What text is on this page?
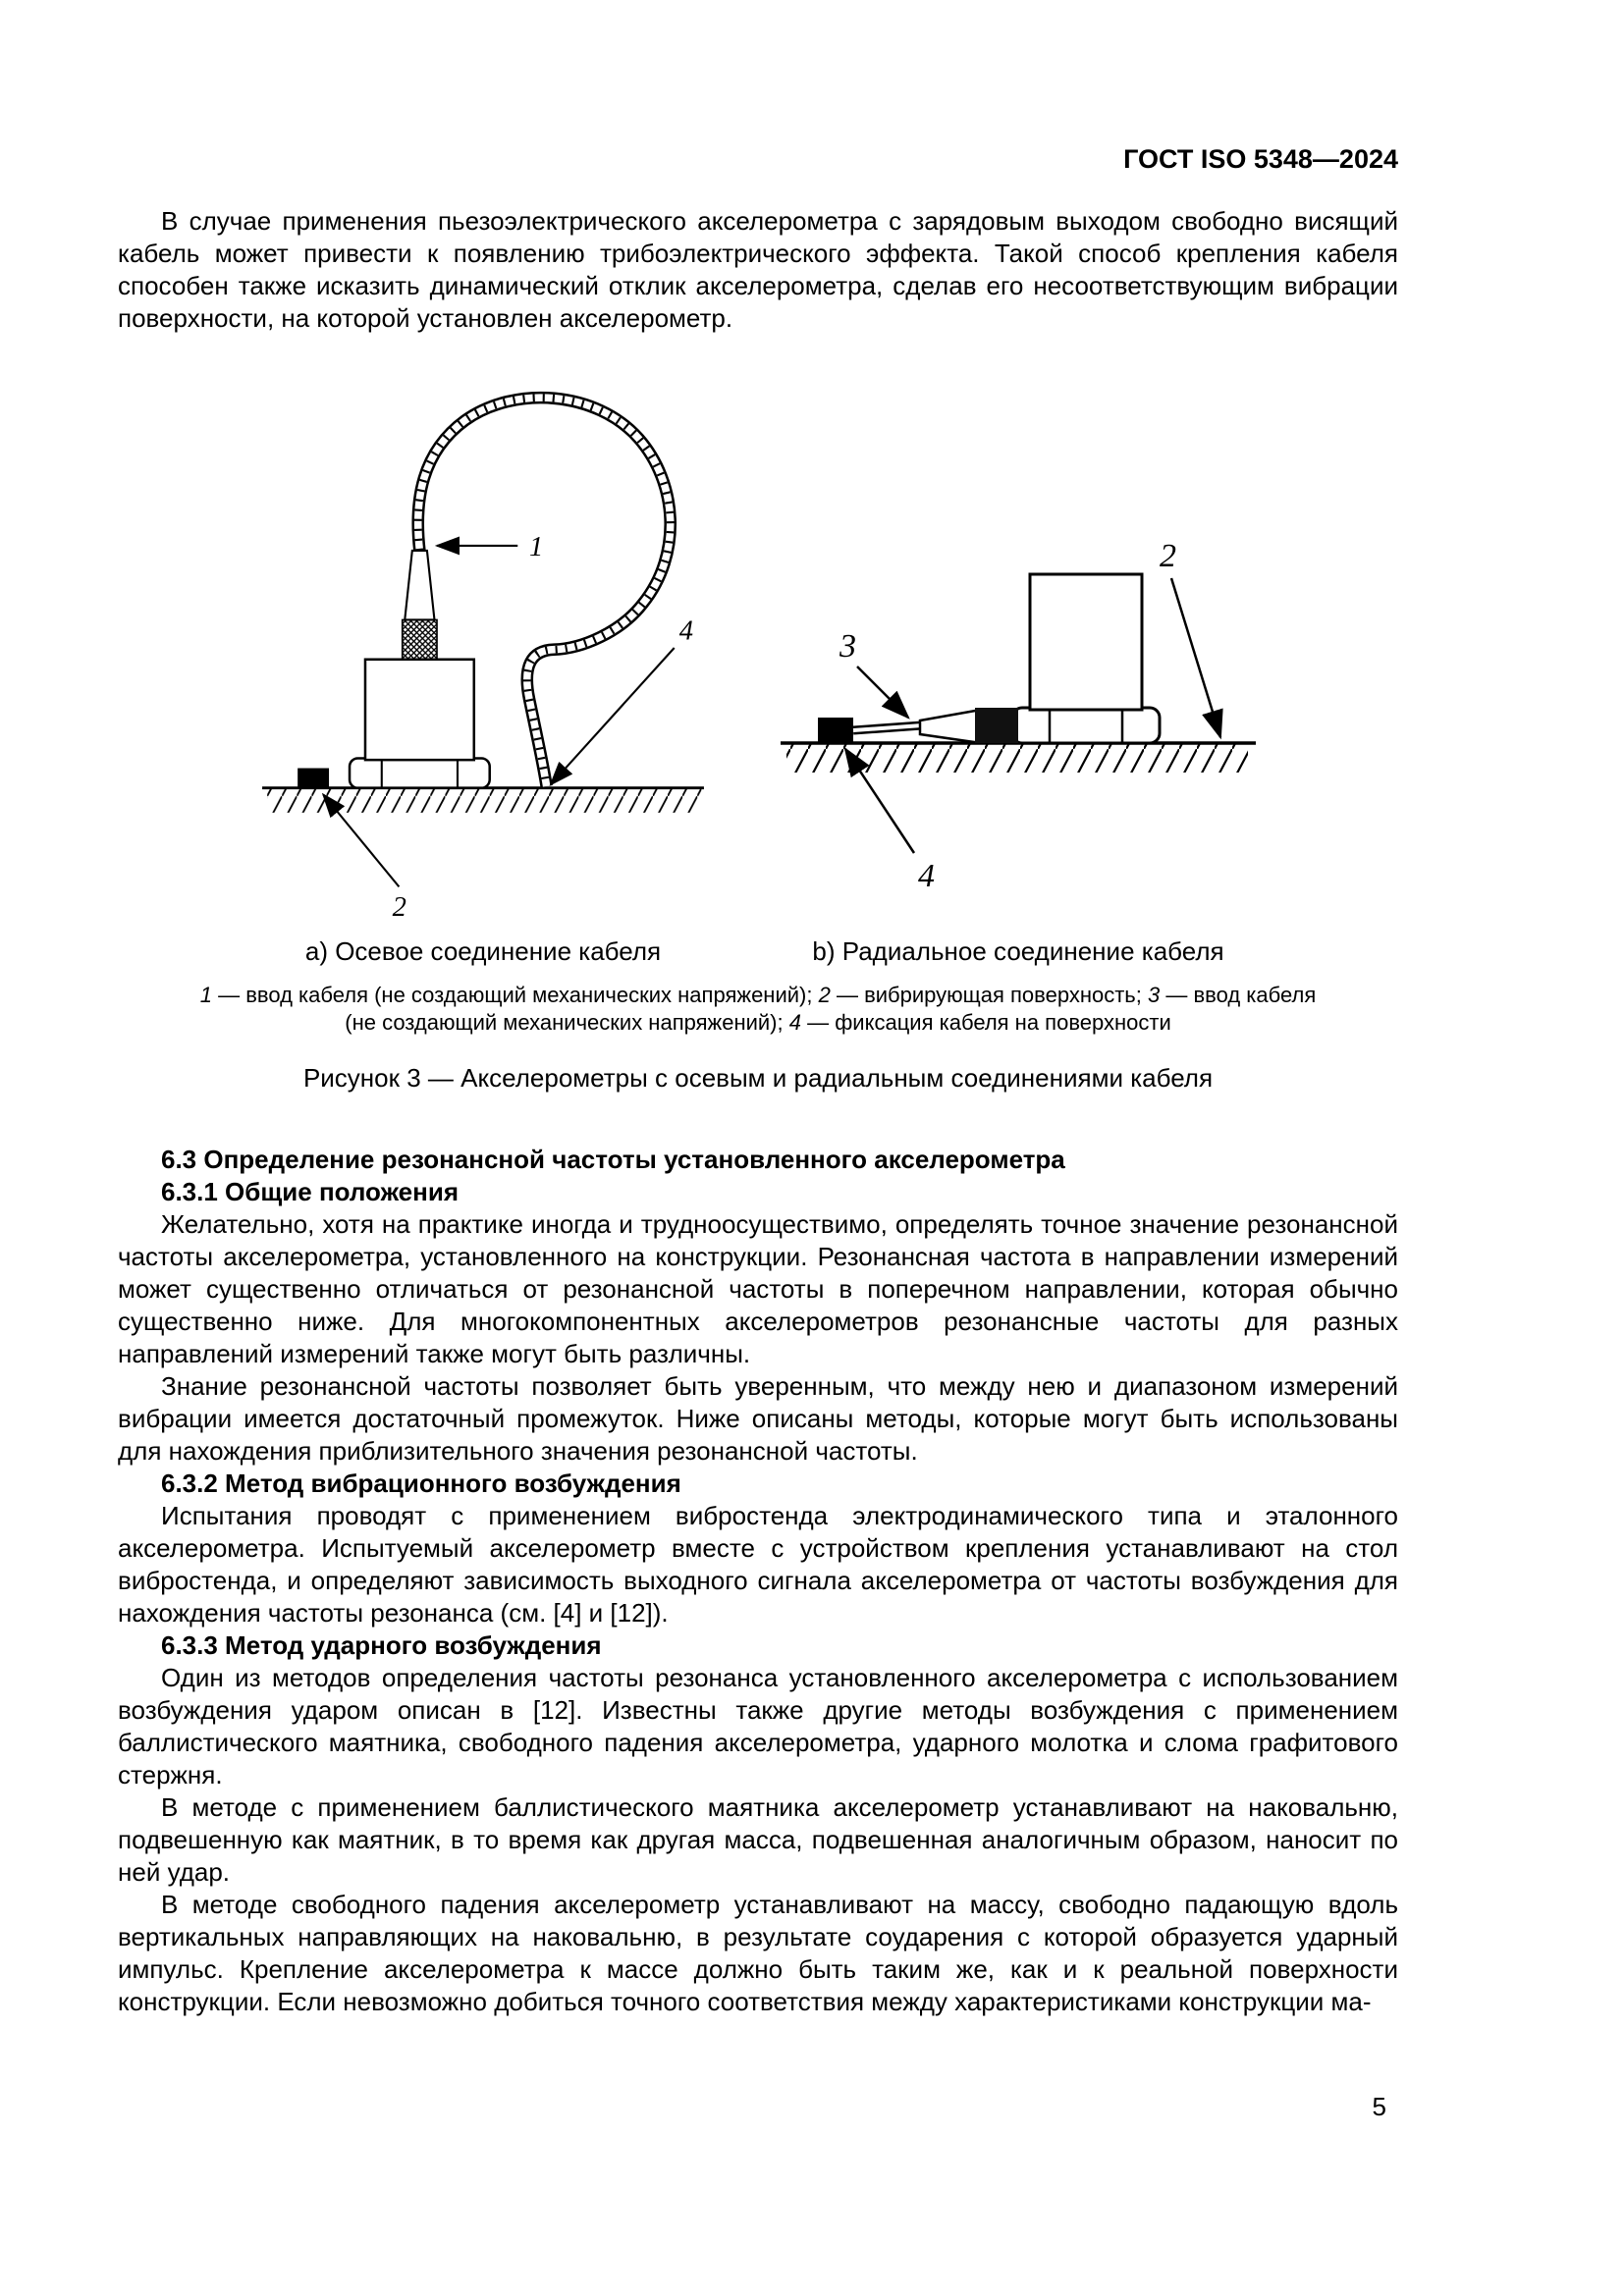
ГОСТ ISO 5348—2024

В случае применения пьезоэлектрического акселерометра с зарядовым выходом свободно висящий кабель может привести к появлению трибоэлектрического эффекта. Такой способ крепления кабеля способен также исказить динамический отклик акселерометра, сделав его несоответствующим вибрации поверхности, на которой установлен акселерометр.

1
4
2
a) Осевое соединение кабеля
3
2
4
b) Радиальное соединение кабеля
1 — ввод кабеля (не создающий механических напряжений); 2 — вибрирующая поверхность; 3 — ввод кабеля
(не создающий механических напряжений); 4 — фиксация кабеля на поверхности
Рисунок 3 — Акселерометры с осевым и радиальным соединениями кабеля
6.3 Определение резонансной частоты установленного акселерометра
6.3.1 Общие положения

Желательно, хотя на практике иногда и трудноосуществимо, определять точное значение резонансной частоты акселерометра, установленного на конструкции. Резонансная частота в направлении измерений может существенно отличаться от резонансной частоты в поперечном направлении, которая обычно существенно ниже. Для многокомпонентных акселерометров резонансные частоты для разных направлений измерений также могут быть различны.

Знание резонансной частоты позволяет быть уверенным, что между нею и диапазоном измерений вибрации имеется достаточный промежуток. Ниже описаны методы, которые могут быть использованы для нахождения приблизительного значения резонансной частоты.

6.3.2 Метод вибрационного возбуждения

Испытания проводят с применением вибростенда электродинамического типа и эталонного акселерометра. Испытуемый акселерометр вместе с устройством крепления устанавливают на стол вибростенда, и определяют зависимость выходного сигнала акселерометра от частоты возбуждения для нахождения частоты резонанса (см. [4] и [12]).

6.3.3 Метод ударного возбуждения

Один из методов определения частоты резонанса установленного акселерометра с использованием возбуждения ударом описан в [12]. Известны также другие методы возбуждения с применением баллистического маятника, свободного падения акселерометра, ударного молотка и слома графитового стержня.

В методе с применением баллистического маятника акселерометр устанавливают на наковальню, подвешенную как маятник, в то время как другая масса, подвешенная аналогичным образом, наносит по ней удар.

В методе свободного падения акселерометр устанавливают на массу, свободно падающую вдоль вертикальных направляющих на наковальню, в результате соударения с которой образуется ударный импульс. Крепление акселерометра к массе должно быть таким же, как и к реальной поверхности конструкции. Если невозможно добиться точного соответствия между характеристиками конструкции ма-

5
